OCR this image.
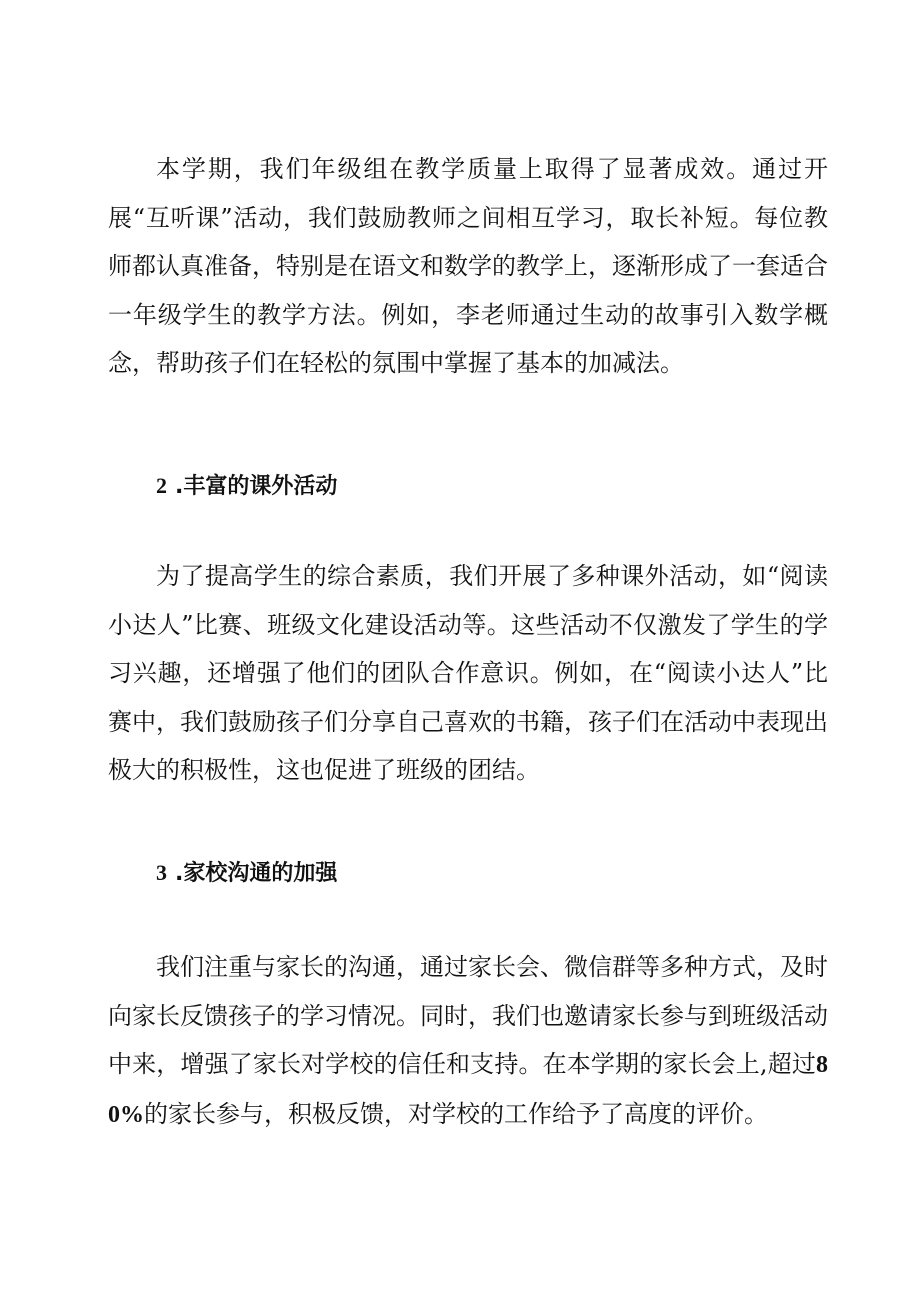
本学期，我们年级组在教学质量上取得了显著成效。通过开展“互听课”活动，我们鼓励教师之间相互学习，取长补短。每位教师都认真准备，特别是在语文和数学的教学上，逐渐形成了一套适合一年级学生的教学方法。例如，李老师通过生动的故事引入数学概念，帮助孩子们在轻松的氛围中掌握了基本的加减法。

2 .丰富的课外活动

为了提高学生的综合素质，我们开展了多种课外活动，如“阅读小达人”比赛、班级文化建设活动等。这些活动不仅激发了学生的学习兴趣，还增强了他们的团队合作意识。例如，在“阅读小达人”比赛中，我们鼓励孩子们分享自己喜欢的书籍，孩子们在活动中表现出极大的积极性，这也促进了班级的团结。

3 .家校沟通的加强

我们注重与家长的沟通，通过家长会、微信群等多种方式，及时向家长反馈孩子的学习情况。同时，我们也邀请家长参与到班级活动中来，增强了家长对学校的信任和支持。在本学期的家长会上,超过80%的家长参与，积极反馈，对学校的工作给予了高度的评价。
